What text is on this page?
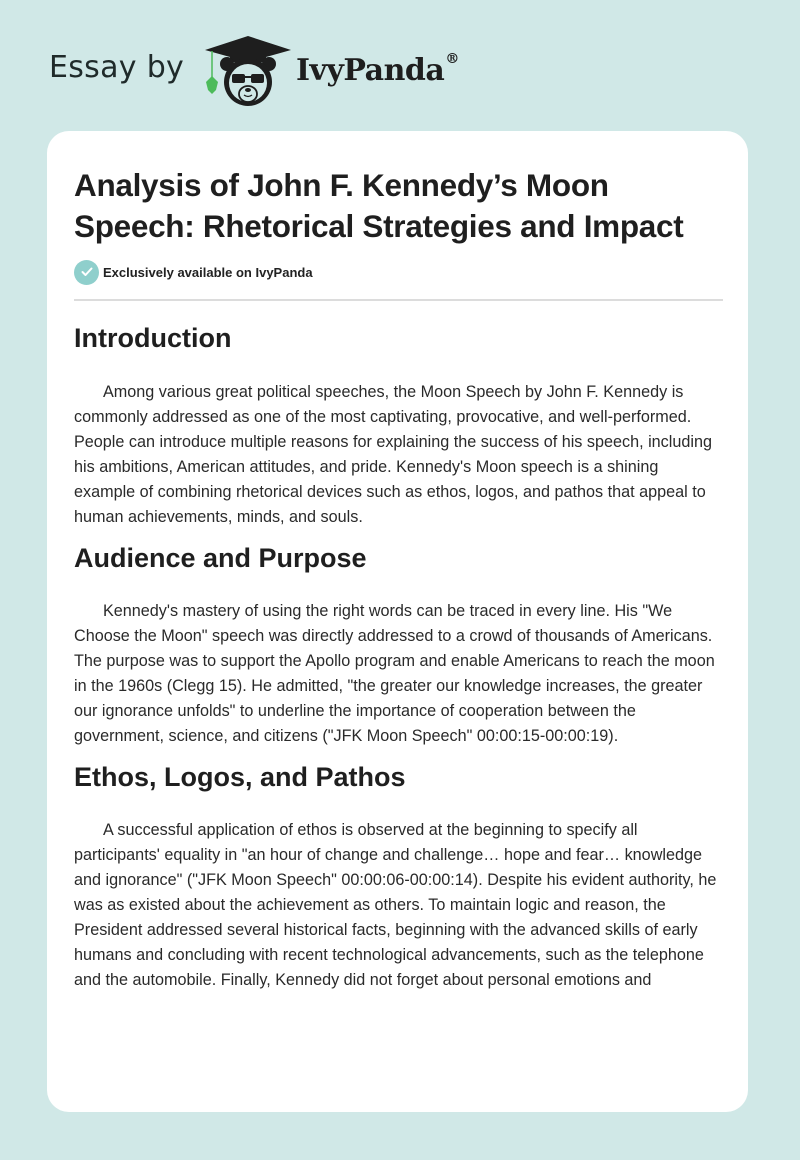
Essay by	IvyPanda®
Analysis of John F. Kennedy’s Moon Speech: Rhetorical Strategies and Impact
Exclusively available on IvyPanda
Introduction

Among various great political speeches, the Moon Speech by John F. Kennedy is commonly addressed as one of the most captivating, provocative, and well-performed. People can introduce multiple reasons for explaining the success of his speech, including his ambitions, American attitudes, and pride. Kennedy's Moon speech is a shining example of combining rhetorical devices such as ethos, logos, and pathos that appeal to human achievements, minds, and souls.

Audience and Purpose

Kennedy's mastery of using the right words can be traced in every line. His "We Choose the Moon" speech was directly addressed to a crowd of thousands of Americans. The purpose was to support the Apollo program and enable Americans to reach the moon in the 1960s (Clegg 15). He admitted, "the greater our knowledge increases, the greater our ignorance unfolds" to underline the importance of cooperation between the government, science, and citizens ("JFK Moon Speech" 00:00:15-00:00:19).

Ethos, Logos, and Pathos

A successful application of ethos is observed at the beginning to specify all participants' equality in "an hour of change and challenge… hope and fear… knowledge and ignorance" ("JFK Moon Speech" 00:00:06-00:00:14). Despite his evident authority, he was as existed about the achievement as others. To maintain logic and reason, the President addressed several historical facts, beginning with the advanced skills of early humans and concluding with recent technological advancements, such as the telephone and the automobile. Finally, Kennedy did not forget about personal emotions and
